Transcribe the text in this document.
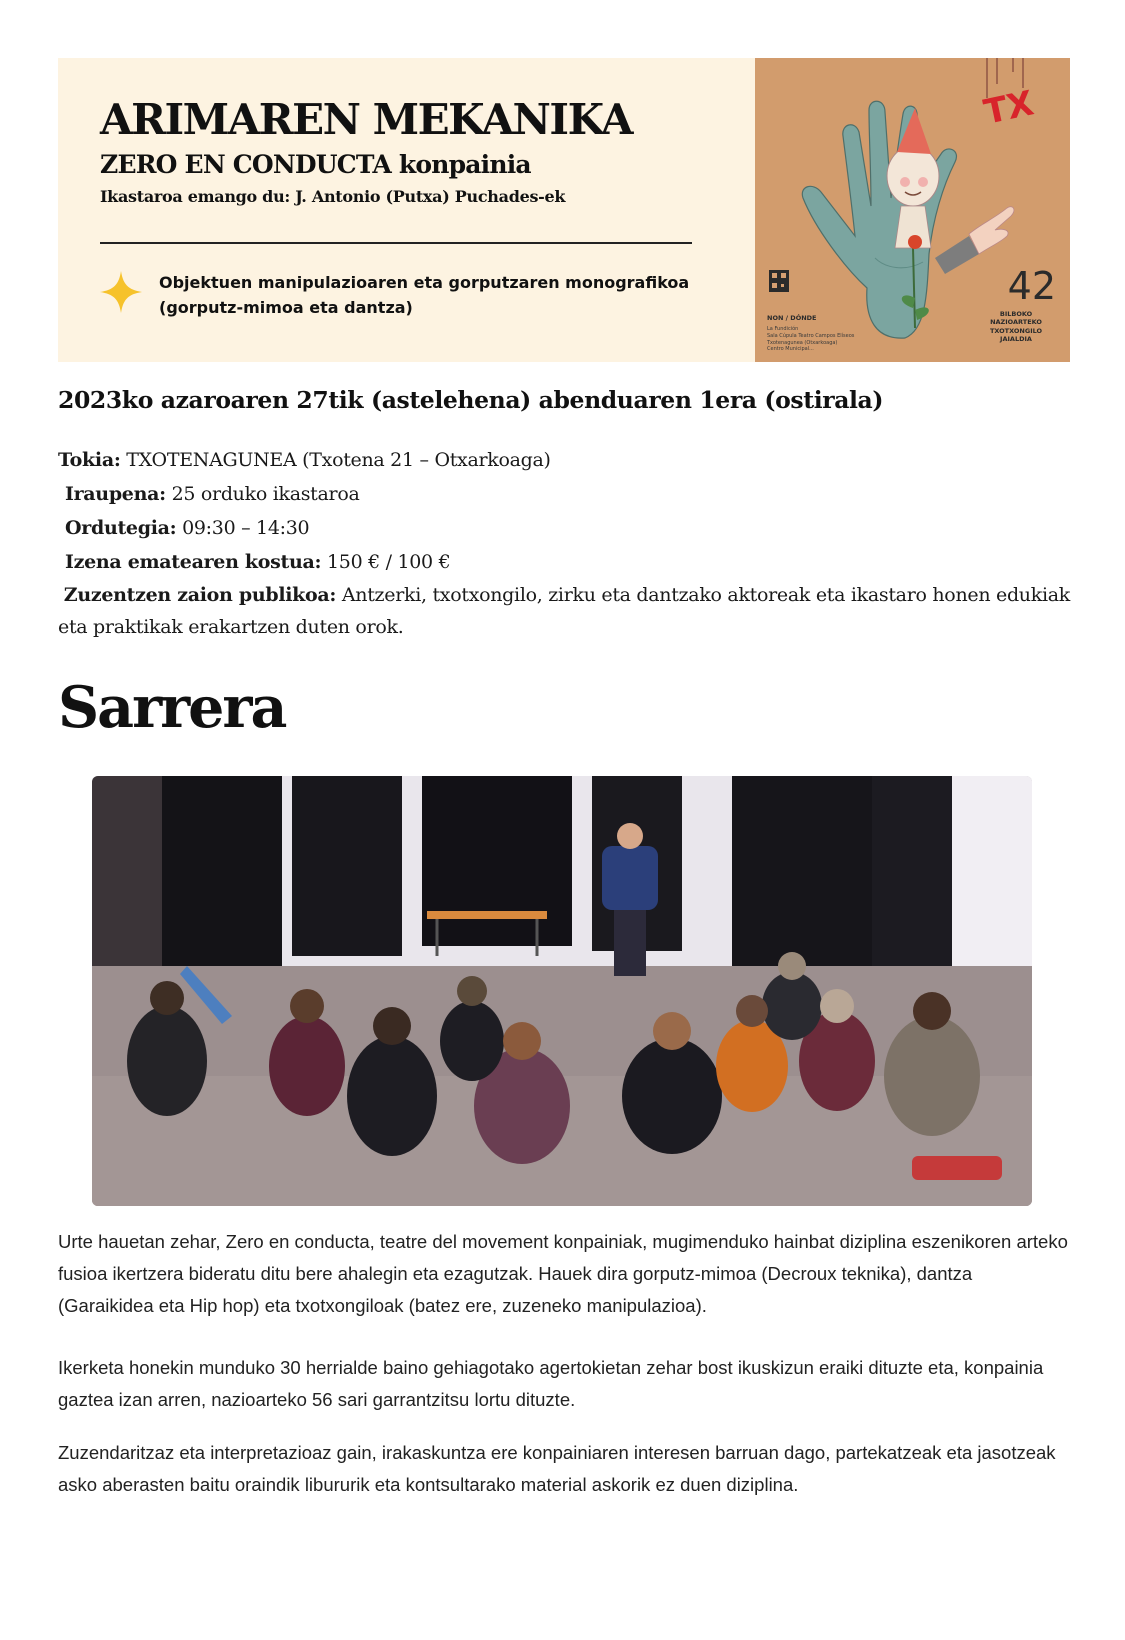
ARIMAREN MEKANIKA
ZERO EN CONDUCTA konpainia
Ikastaroa emango du: J. Antonio (Putxa) Puchades-ek
Objektuen manipulazioaren eta gorputzaren monografikoa (gorputz-mimoa eta dantza)
TX
42
BILBOKO
NAZIOARTEKO
TXOTXONGILO
JAIALDIA
NON / DÓNDE
La Fundición
Sala Cúpula Teatro Campos Elíseos
Txotenagunea (Otxarkoaga)
Centro Municipal...
2023ko azaroaren 27tik (astelehena) abenduaren 1era (ostirala)
Tokia: TXOTENAGUNEA (Txotena 21 – Otxarkoaga)
Iraupena: 25 orduko ikastaroa
Ordutegia: 09:30 – 14:30
Izena ematearen kostua: 150 € / 100 €
Zuzentzen zaion publikoa: Antzerki, txotxongilo, zirku eta dantzako aktoreak eta ikastaro honen edukiak eta praktikak erakartzen duten orok.
Sarrera
Urte hauetan zehar, Zero en conducta, teatre del movement konpainiak, mugimenduko hainbat diziplina eszenikoren arteko fusioa ikertzera bideratu ditu bere ahalegin eta ezagutzak. Hauek dira gorputz-mimoa (Decroux teknika), dantza (Garaikidea eta Hip hop) eta txotxongiloak (batez ere, zuzeneko manipulazioa).
Ikerketa honekin munduko 30 herrialde baino gehiagotako agertokietan zehar bost ikuskizun eraiki dituzte eta, konpainia gaztea izan arren, nazioarteko 56 sari garrantzitsu lortu dituzte.
Zuzendaritzaz eta interpretazioaz gain, irakaskuntza ere konpainiaren interesen barruan dago, partekatzeak eta jasotzeak asko aberasten baitu oraindik libururik eta kontsultarako material askorik ez duen diziplina.
